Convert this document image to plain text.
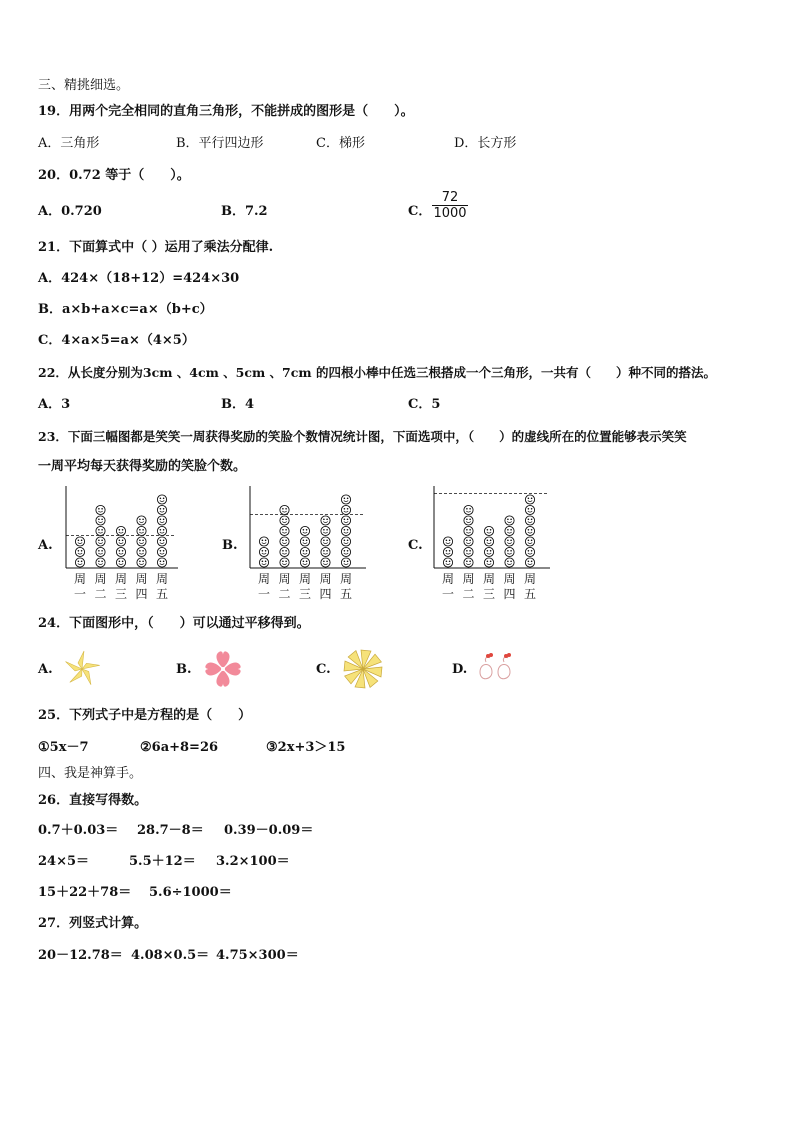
三、精挑细选。
19．用两个完全相同的直角三角形，不能拼成的图形是（　　）。
A．三角形	B．平行四边形	C．梯形	D．长方形
20．0.72 等于（　　）。
A．0.720	B．7.2	C． $\frac{72}{1000}$
21．下面算式中（ ）运用了乘法分配律.
A．424×（18+12）=424×30
B．a×b+a×c=a×（b+c）
C．4×a×5=a×（4×5）
22．从长度分别为3cm 、4cm 、5cm 、7cm 的四根小棒中任选三根搭成一个三角形，一共有（　　）种不同的搭法。
A．3	B．4	C．5
23．下面三幅图都是笑笑一周获得奖励的笑脸个数情况统计图，下面选项中，（　　）的虚线所在的位置能够表示笑笑
一周平均每天获得奖励的笑脸个数。
A.	B.	C.
周
一
周
二
周
三
周
四
周
五
周
一
周
二
周
三
周
四
周
五
周
一
周
二
周
三
周
四
周
五
24．下面图形中，（　　）可以通过平移得到。
A.	B.	C.	D.
25．下列式子中是方程的是（　　）
①5x－7	②6a+8=26	③2x+3＞15
四、我是神算手。
26．直接写得数。
0.7＋0.03＝ 28.7－8＝ 0.39－0.09＝
24×5＝	5.5＋12＝ 3.2×100＝
15＋22＋78＝ 5.6÷1000＝
27．列竖式计算。
20－12.78＝ 4.08×0.5＝ 4.75×300＝
